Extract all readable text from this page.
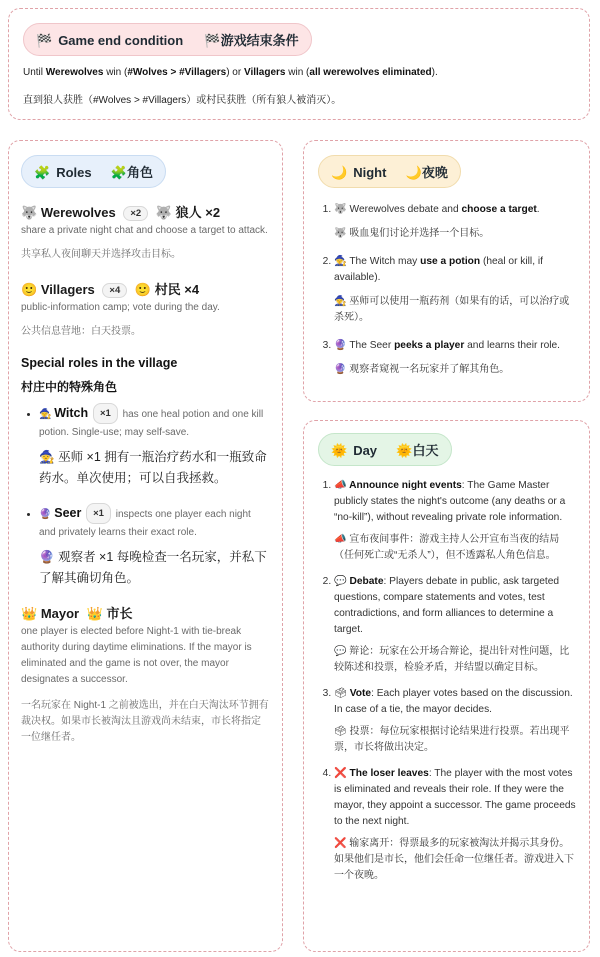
🏁 Game end condition 🏁游戏结束条件
Until Werewolves win (#Wolves > #Villagers) or Villagers win (all werewolves eliminated).
直到狼人获胜（#Wolves > #Villagers）或村民获胜（所有狼人被消灭）。
🧩 Roles 🧩角色

🐺 Werewolves ×2 🐺 狼人 ×2

share a private night chat and choose a target to attack.
共享私人夜间聊天并选择攻击目标。

🙂 Villagers ×4 🙂 村民 ×4

public-information camp; vote during the day.
公共信息营地：白天投票。
Special roles in the village
村庄中的特殊角色
• 🧙 Witch ×1 has one heal potion and one kill potion. Single-use; may self-save.
🧙 巫师 ×1 拥有一瓶治疗药水和一瓶致命药水。单次使用；可以自我拯救。
• 🔮 Seer ×1 inspects one player each night and privately learns their exact role.
🔮 观察者 ×1 每晚检查一名玩家，并私下了解其确切角色。

👑 Mayor 👑 市长

one player is elected before Night-1 with tie-break authority during daytime eliminations. If the mayor is eliminated and the game is not over, the mayor designates a successor.
一名玩家在 Night-1 之前被选出，并在白天淘汰环节拥有裁决权。如果市长被淘汰且游戏尚未结束，市长将指定一位继任者。
🌙 Night 🌙夜晚
1. 🐺 Werewolves debate and choose a target.
🐺 吸血鬼们讨论并选择一个目标。
2. 🧙 The Witch may use a potion (heal or kill, if available).
🧙 巫师可以使用一瓶药剂（如果有的话，可以治疗或杀死）。
3. 🔮 The Seer peeks a player and learns their role.
🔮 观察者窥视一名玩家并了解其角色。
🌞 Day 🌞白天
1. 📣 Announce night events: The Game Master publicly states the night's outcome (any deaths or a “no-kill”), without revealing private role information.
📣 宣布夜间事件：游戏主持人公开宣布当夜的结局（任何死亡或“无杀人”），但不透露私人角色信息。
2. 💬 Debate: Players debate in public, ask targeted questions, compare statements and votes, test contradictions, and form alliances to determine a target.
💬 辩论：玩家在公开场合辩论，提出针对性问题，比较陈述和投票，检验矛盾，并结盟以确定目标。
3. 🗳 Vote: Each player votes based on the discussion. In case of a tie, the mayor decides.
🗳 投票：每位玩家根据讨论结果进行投票。若出现平票，市长将做出决定。
4. ❌ The loser leaves: The player with the most votes is eliminated and reveals their role. If they were the mayor, they appoint a successor. The game proceeds to the next night.
❌ 输家离开：得票最多的玩家被淘汰并揭示其身份。如果他们是市长，他们会任命一位继任者。游戏进入下一个夜晚。
